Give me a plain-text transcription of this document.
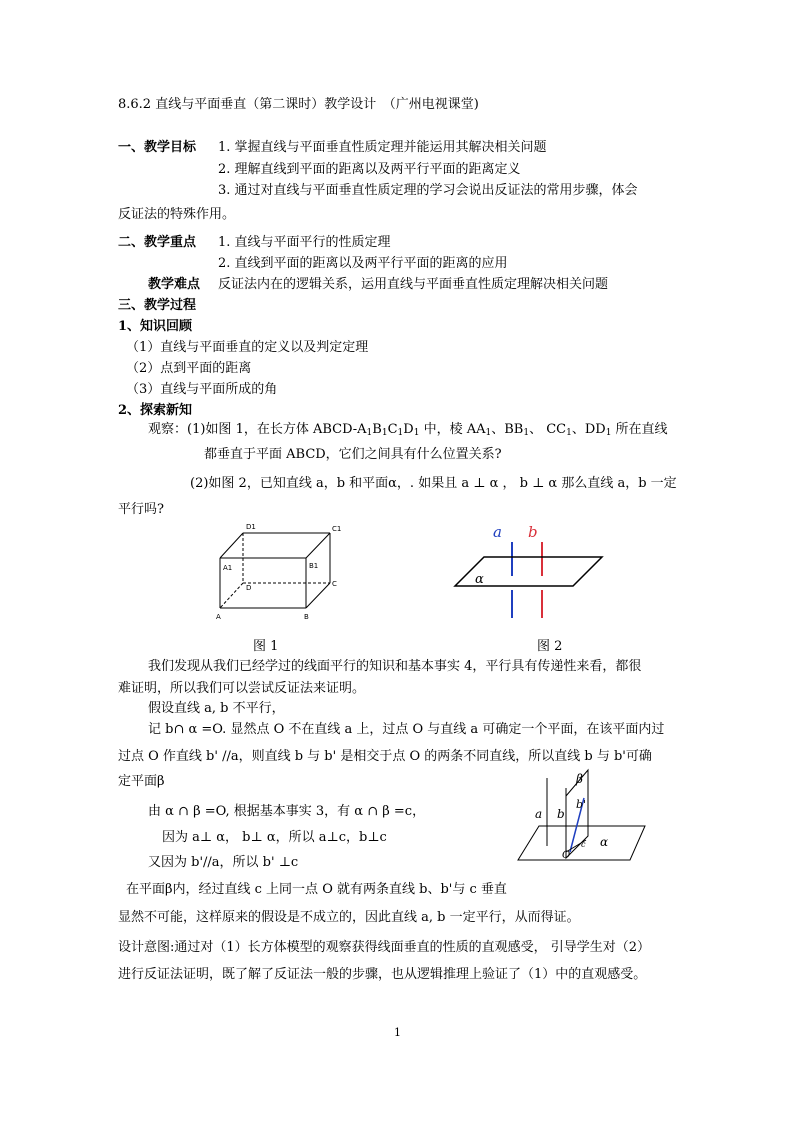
8.6.2 直线与平面垂直（第二课时）教学设计　（广州电视课堂)
一、教学目标 1. 掌握直线与平面垂直性质定理并能运用其解决相关问题
2. 理解直线到平面的距离以及两平行平面的距离定义
3. 通过对直线与平面垂直性质定理的学习会说出反证法的常用步骤，体会
反证法的特殊作用。
二、教学重点 1. 直线与平面平行的性质定理
2. 直线到平面的距离以及两平行平面的距离的应用
教学难点 反证法内在的逻辑关系，运用直线与平面垂直性质定理解决相关问题
三、教学过程
1、知识回顾
（1）直线与平面垂直的定义以及判定定理
（2）点到平面的距离
（3）直线与平面所成的角
2、探索新知
观察：(1)如图 1，在长方体 ABCD-$A_1B_1C_1D_1$ 中，棱 $AA_1$、$BB_1$、 $CC_1$、$DD_1$ 所在直线
都垂直于平面 ABCD，它们之间具有什么位置关系?
(2)如图 2，已知直线 a，b 和平面α，. 如果且 a ⊥ α ， b ⊥ α 那么直线 a，b 一定
平行吗?
D1	C1
A1	B1
D	C
A	B
图 1
a b
α
图 2
我们发现从我们已经学过的线面平行的知识和基本事实 4，平行具有传递性来看，都很
难证明，所以我们可以尝试反证法来证明。
假设直线 a, b 不平行，
记 b∩ α =O. 显然点 O 不在直线 a 上，过点 O 与直线 a 可确定一个平面，在该平面内过
过点 O 作直线 b' //a，则直线 b 与 b' 是相交于点 O 的两条不同直线，所以直线 b 与 b'可确
定平面β
由 α ∩ β =O, 根据基本事实 3，有 α ∩ β =c，
因为 a⊥ α， b⊥ α，所以 a⊥c，b⊥c
又因为 b'//a，所以 b' ⊥c
在平面β内，经过直线 c 上同一点 O 就有两条直线 b、b'与 c 垂直
显然不可能，这样原来的假设是不成立的，因此直线 a, b 一定平行，从而得证。
设计意图:通过对（1）长方体模型的观察获得线面垂直的性质的直观感受， 引导学生对（2）
进行反证法证明，既了解了反证法一般的步骤，也从逻辑推理上验证了（1）中的直观感受。
a b
β
b'
O
c α
1
